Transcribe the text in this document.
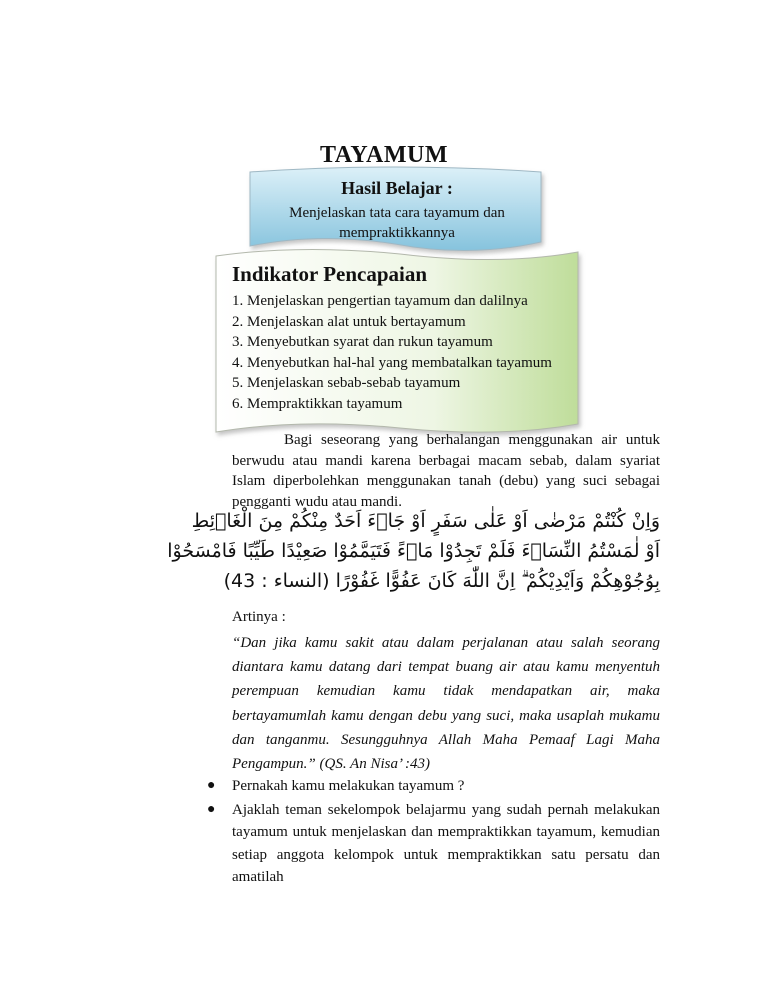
TAYAMUM
Hasil Belajar :
Menjelaskan tata cara tayamum dan
mempraktikkannya
Indikator Pencapaian
1. Menjelaskan pengertian tayamum dan dalilnya
2. Menjelaskan alat untuk bertayamum
3. Menyebutkan syarat dan rukun tayamum
4. Menyebutkan hal-hal yang membatalkan tayamum
5. Menjelaskan sebab-sebab tayamum
6. Mempraktikkan tayamum
Bagi seseorang yang berhalangan menggunakan air untuk berwudu atau mandi karena berbagai macam sebab, dalam syariat Islam diperbolehkan menggunakan tanah (debu) yang suci sebagai pengganti wudu atau mandi.
وَاِنْ كُنْتُمْ مَرْضٰى اَوْ عَلٰى سَفَرٍ اَوْ جَاۤءَ اَحَدٌ مِنْكُمْ مِنَ الْغَاۤئِطِ
اَوْ لٰمَسْتُمُ النِّسَاۤءَ فَلَمْ تَجِدُوْا مَاۤءً فَتَيَمَّمُوْا صَعِيْدًا طَيِّبًا فَامْسَحُوْا
بِوُجُوْهِكُمْ وَاَيْدِيْكُمْ ۗ اِنَّ اللّٰهَ كَانَ عَفُوًّا غَفُوْرًا (النساء : 43)
Artinya :
“Dan jika kamu sakit atau dalam perjalanan atau salah seorang diantara kamu datang dari tempat buang air atau kamu menyentuh perempuan kemudian kamu tidak mendapatkan air, maka bertayamumlah kamu dengan debu yang suci, maka usaplah mukamu dan tanganmu. Sesungguhnya Allah Maha Pemaaf Lagi Maha Pengampun.” (QS. An Nisa’ :43)
● Pernakah kamu melakukan tayamum ?
● Ajaklah teman sekelompok belajarmu yang sudah pernah melakukan tayamum untuk menjelaskan dan mempraktikkan tayamum, kemudian setiap anggota kelompok untuk mempraktikkan satu persatu dan amatilah
